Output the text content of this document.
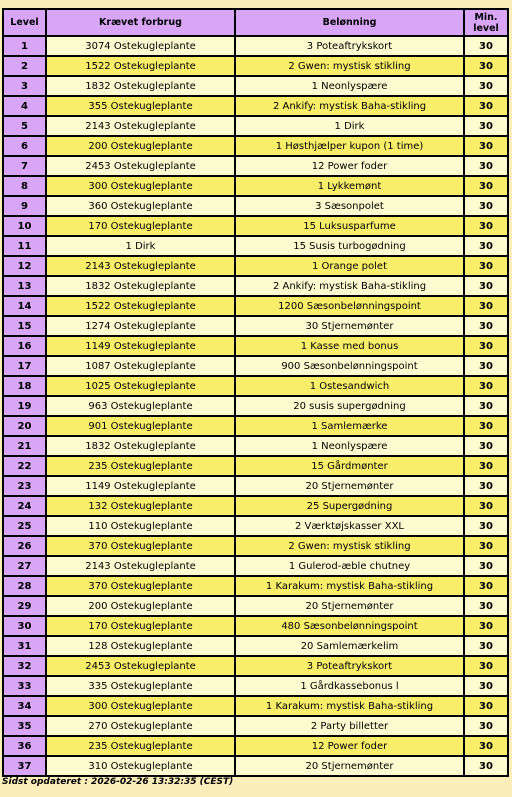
Level	Krævet forbrug	Belønning	Min.
level
1	3074 Ostekugleplante	3 Poteaftrykskort	30
2	1522 Ostekugleplante	2 Gwen: mystisk stikling	30
3	1832 Ostekugleplante	1 Neonlyspære	30
4	355 Ostekugleplante	2 Ankify: mystisk Baha-stikling	30
5	2143 Ostekugleplante	1 Dirk	30
6	200 Ostekugleplante	1 Høsthjælper kupon (1 time)	30
7	2453 Ostekugleplante	12 Power foder	30
8	300 Ostekugleplante	1 Lykkemønt	30
9	360 Ostekugleplante	3 Sæsonpolet	30
10	170 Ostekugleplante	15 Luksusparfume	30
11	1 Dirk	15 Susis turbogødning	30
12	2143 Ostekugleplante	1 Orange polet	30
13	1832 Ostekugleplante	2 Ankify: mystisk Baha-stikling	30
14	1522 Ostekugleplante	1200 Sæsonbelønningspoint	30
15	1274 Ostekugleplante	30 Stjernemønter	30
16	1149 Ostekugleplante	1 Kasse med bonus	30
17	1087 Ostekugleplante	900 Sæsonbelønningspoint	30
18	1025 Ostekugleplante	1 Ostesandwich	30
19	963 Ostekugleplante	20 susis supergødning	30
20	901 Ostekugleplante	1 Samlemærke	30
21	1832 Ostekugleplante	1 Neonlyspære	30
22	235 Ostekugleplante	15 Gårdmønter	30
23	1149 Ostekugleplante	20 Stjernemønter	30
24	132 Ostekugleplante	25 Supergødning	30
25	110 Ostekugleplante	2 Værktøjskasser XXL	30
26	370 Ostekugleplante	2 Gwen: mystisk stikling	30
27	2143 Ostekugleplante	1 Gulerod-æble chutney	30
28	370 Ostekugleplante	1 Karakum: mystisk Baha-stikling	30
29	200 Ostekugleplante	20 Stjernemønter	30
30	170 Ostekugleplante	480 Sæsonbelønningspoint	30
31	128 Ostekugleplante	20 Samlemærkelim	30
32	2453 Ostekugleplante	3 Poteaftrykskort	30
33	335 Ostekugleplante	1 Gårdkassebonus l	30
34	300 Ostekugleplante	1 Karakum: mystisk Baha-stikling	30
35	270 Ostekugleplante	2 Party billetter	30
36	235 Ostekugleplante	12 Power foder	30
37	310 Ostekugleplante	20 Stjernemønter	30
Sidst opdateret : 2026-02-26 13:32:35 (CEST)
